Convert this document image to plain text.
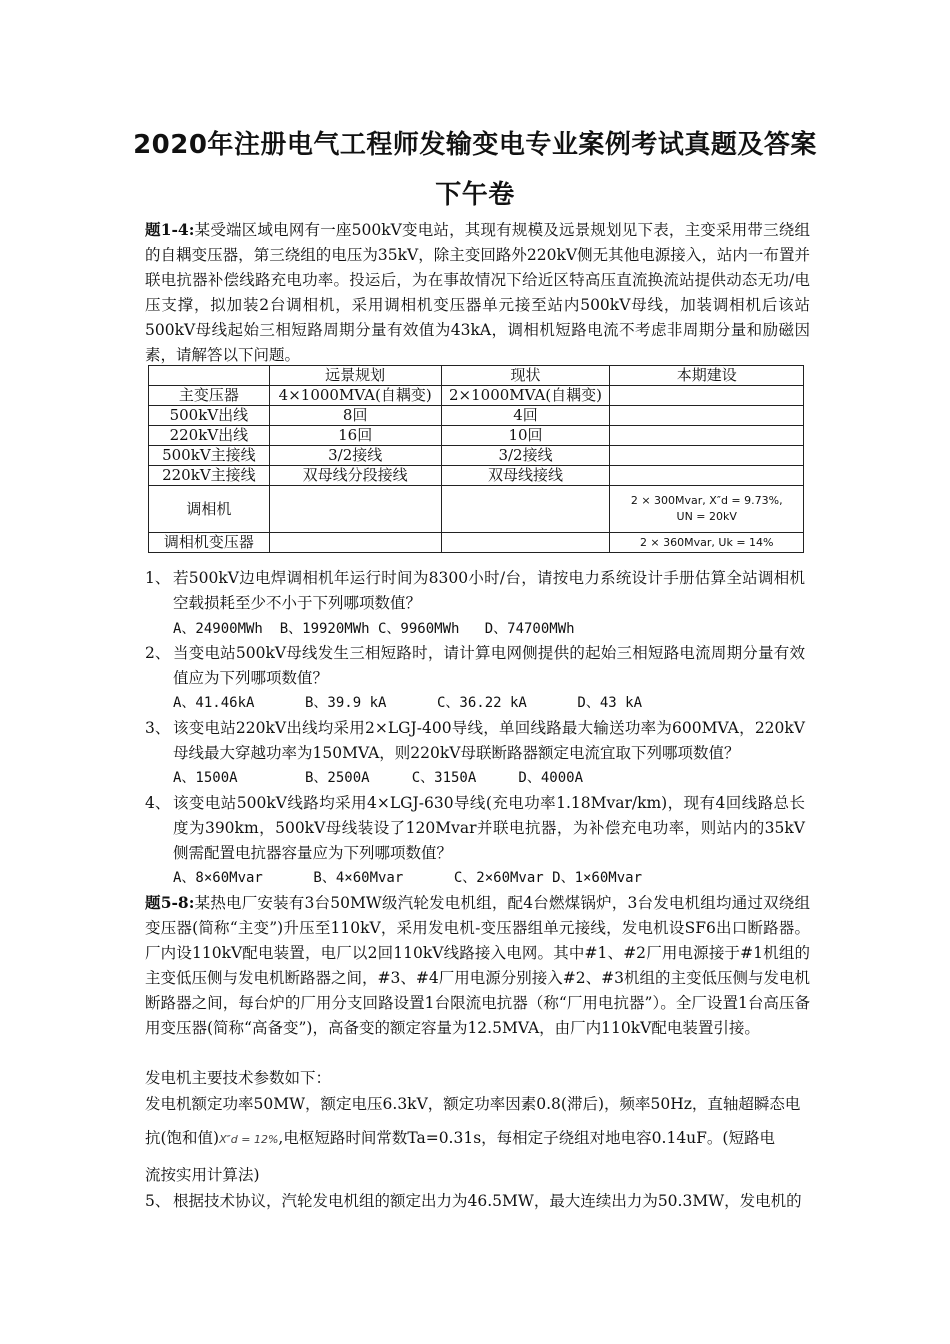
2020年注册电气工程师发输变电专业案例考试真题及答案
下午卷

题1-4:某受端区域电网有一座500kV变电站，其现有规模及远景规划见下表，主变采用带三绕组的自耦变压器，第三绕组的电压为35kV，除主变回路外220kV侧无其他电源接入，站内一布置并联电抗器补偿线路充电功率。投运后，为在事故情况下给近区特高压直流换流站提供动态无功/电压支撑，拟加装2台调相机，采用调相机变压器单元接至站内500kV母线，加装调相机后该站500kV母线起始三相短路周期分量有效值为43kA，调相机短路电流不考虑非周期分量和励磁因素，请解答以下问题。

	远景规划	现状	本期建设
主变压器	4×1000MVA(自耦变)	2×1000MVA(自耦变)	
500kV出线	8回	4回	
220kV出线	16回	10回	
500kV主接线	3/2接线	3/2接线	
220kV主接线	双母线分段接线	双母线接线	
调相机			2 × 300Mvar, X″d = 9.73%,
UN = 20kV

调相机变压器			2 × 360Mvar, Uk = 14%
1、 若500kV边电焊调相机年运行时间为8300小时/台，请按电力系统设计手册估算全站调相机空载损耗至少不小于下列哪项数值？
A、24900MWh  B、19920MWh C、9960MWh   D、74700MWh
2、 当变电站500kV母线发生三相短路时，请计算电网侧提供的起始三相短路电流周期分量有效值应为下列哪项数值？
A、41.46kA      B、39.9 kA      C、36.22 kA      D、43 kA
3、 该变电站220kV出线均采用2×LGJ-400导线，单回线路最大输送功率为600MVA，220kV母线最大穿越功率为150MVA，则220kV母联断路器额定电流宜取下列哪项数值？
A、1500A        B、2500A     C、3150A     D、4000A
4、 该变电站500kV线路均采用4×LGJ-630导线(充电功率1.18Mvar/km)，现有4回线路总长度为390km，500kV母线装设了120Mvar并联电抗器，为补偿充电功率，则站内的35kV侧需配置电抗器容量应为下列哪项数值？
A、8×60Mvar      B、4×60Mvar      C、2×60Mvar D、1×60Mvar

题5-8:某热电厂安装有3台50MW级汽轮发电机组，配4台燃煤锅炉，3台发电机组均通过双绕组变压器(简称“主变”)升压至110kV，采用发电机-变压器组单元接线，发电机设SF6出口断路器。厂内设110kV配电装置，电厂以2回110kV线路接入电网。其中#1、#2厂用电源接于#1机组的主变低压侧与发电机断路器之间，#3、#4厂用电源分别接入#2、#3机组的主变低压侧与发电机断路器之间，每台炉的厂用分支回路设置1台限流电抗器（称“厂用电抗器”）。全厂设置1台高压备用变压器(简称“高备变”)，高备变的额定容量为12.5MVA，由厂内110kV配电装置引接。

发电机主要技术参数如下：

发电机额定功率50MW，额定电压6.3kV，额定功率因素0.8(滞后)，频率50Hz，直轴超瞬态电

抗(饱和值)X″d = 12%,电枢短路时间常数Ta=0.31s，每相定子绕组对地电容0.14uF。(短路电

流按实用计算法)

5、 根据技术协议，汽轮发电机组的额定出力为46.5MW，最大连续出力为50.3MW，发电机的
